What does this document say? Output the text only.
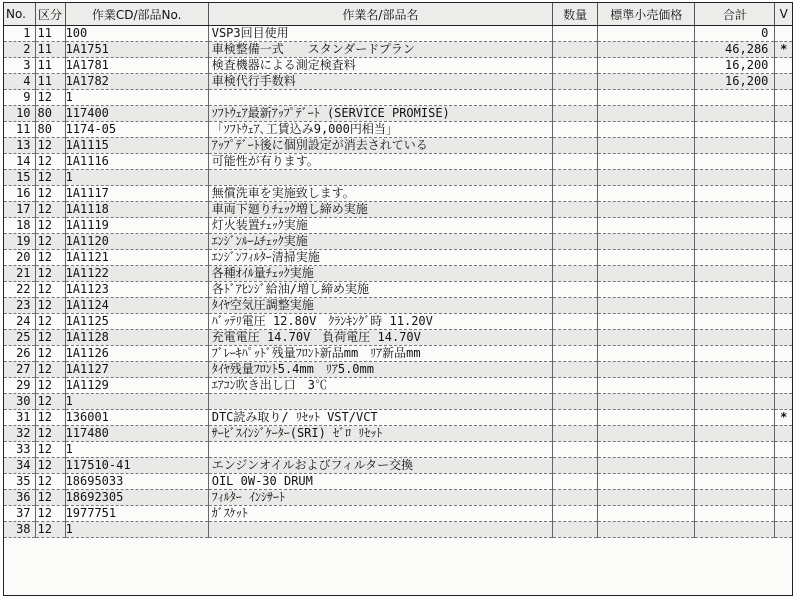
No.	区分	作業CD/部品No.	作業名/部品名	数量	標準小売価格	合計	V
1	11	100	VSP3回目使用			0	
2	11	1A1751	車検整備一式　　スタンダードプラン			46,286	*
3	11	1A1781	検査機器による測定検査料			16,200	
4	11	1A1782	車検代行手数料			16,200	
9	12	1					
10	80	117400	ｿﾌﾄｳｪｱ最新ｱｯﾌﾟﾃﾞｰﾄ (SERVICE PROMISE)				
11	80	1174-05	「ｿﾌﾄｳｪｱ､工賃込み9,000円相当」				
13	12	1A1115	ｱｯﾌﾟﾃﾞｰﾄ後に個別設定が消去されている				
14	12	1A1116	可能性が有ります。				
15	12	1					
16	12	1A1117	無償洗車を実施致します。				
17	12	1A1118	車両下廻りﾁｪｯｸ増し締め実施				
18	12	1A1119	灯火装置ﾁｪｯｸ実施				
19	12	1A1120	ｴﾝｼﾞﾝﾙｰﾑﾁｪｯｸ実施				
20	12	1A1121	ｴﾝｼﾞﾝﾌｨﾙﾀｰ清掃実施				
21	12	1A1122	各種ｵｲﾙ量ﾁｪｯｸ実施				
22	12	1A1123	各ﾄﾞｱﾋﾝｼﾞ給油/増し締め実施				
23	12	1A1124	ﾀｲﾔ空気圧調整実施				
24	12	1A1125	ﾊﾞｯﾃﾘ電圧 12.80V　ｸﾗﾝｷﾝｸﾞ時 11.20V				
25	12	1A1128	充電電圧 14.70V　負荷電圧 14.70V				
26	12	1A1126	ﾌﾞﾚｰｷﾊﾟｯﾄﾞ残量ﾌﾛﾝﾄ新品mm　ﾘｱ新品mm				
27	12	1A1127	ﾀｲﾔ残量ﾌﾛﾝﾄ5.4mm　ﾘｱ5.0mm				
29	12	1A1129	ｴｱｺﾝ吹き出し口　3℃				
30	12	1					
31	12	136001	DTC読み取り/ ﾘｾｯﾄ VST/VCT				*
32	12	117480	ｻｰﾋﾞｽｲﾝｼﾞｹｰﾀｰ(SRI) ｾﾞﾛ ﾘｾｯﾄ				
33	12	1					
34	12	117510-41	エンジンオイルおよびフィルター交換				
35	12	18695033	OIL 0W-30 DRUM				
36	12	18692305	ﾌｨﾙﾀｰ ｲﾝｼｻｰﾄ				
37	12	1977751	ｶﾞｽｹｯﾄ				
38	12	1					
